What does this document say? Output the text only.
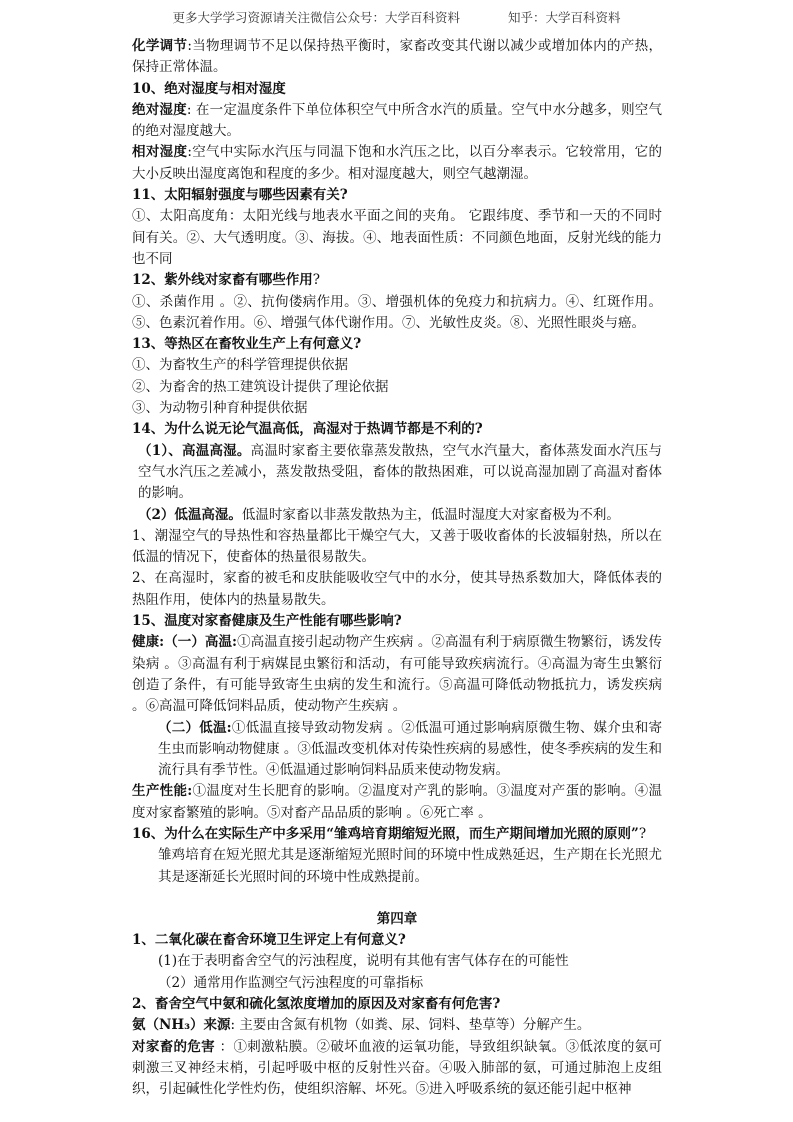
更多大学学习资源请关注微信公众号：大学百科资料	知乎：大学百科资料

化学调节:当物理调节不足以保持热平衡时，家畜改变其代谢以减少或增加体内的产热，保持正常体温。

10、绝对湿度与相对湿度

绝对湿度: 在一定温度条件下单位体积空气中所含水汽的质量。空气中水分越多，则空气的绝对湿度越大。

相对湿度:空气中实际水汽压与同温下饱和水汽压之比，以百分率表示。它较常用，它的大小反映出湿度离饱和程度的多少。相对湿度越大，则空气越潮湿。

11、太阳辐射强度与哪些因素有关?

①、太阳高度角：太阳光线与地表水平面之间的夹角。 它跟纬度、季节和一天的不同时间有关。②、大气透明度。③、海拔。④、地表面性质：不同颜色地面，反射光线的能力也不同

12、紫外线对家畜有哪些作用?

①、杀菌作用 。②、抗佝偻病作用。③、增强机体的免疫力和抗病力。④、红斑作用。⑤、色素沉着作用。⑥、增强气体代谢作用。⑦、光敏性皮炎。⑧、光照性眼炎与癌。

13、等热区在畜牧业生产上有何意义?

①、为畜牧生产的科学管理提供依据

②、为畜舍的热工建筑设计提供了理论依据

③、为动物引种育种提供依据

14、为什么说无论气温高低，高湿对于热调节都是不利的?

（1）、高温高湿。高温时家畜主要依靠蒸发散热，空气水汽量大，畜体蒸发面水汽压与空气水汽压之差减小，蒸发散热受阻，畜体的散热困难，可以说高湿加剧了高温对畜体的影响。

（2）低温高湿。低温时家畜以非蒸发散热为主，低温时湿度大对家畜极为不利。

1、潮湿空气的导热性和容热量都比干燥空气大，又善于吸收畜体的长波辐射热，所以在低温的情况下，使畜体的热量很易散失。

2、在高湿时，家畜的被毛和皮肤能吸收空气中的水分，使其导热系数加大，降低体表的热阻作用，使体内的热量易散失。

15、温度对家畜健康及生产性能有哪些影响?

健康:（一）高温:①高温直接引起动物产生疾病 。②高温有利于病原微生物繁衍，诱发传染病 。③高温有利于病媒昆虫繁衍和活动，有可能导致疾病流行。④高温为寄生虫繁衍创造了条件，有可能导致寄生虫病的发生和流行。⑤高温可降低动物抵抗力，诱发疾病 。⑥高温可降低饲料品质，使动物产生疾病 。

（二）低温:①低温直接导致动物发病 。②低温可通过影响病原微生物、媒介虫和寄生虫而影响动物健康 。③低温改变机体对传染性疾病的易感性，使冬季疾病的发生和流行具有季节性。④低温通过影响饲料品质来使动物发病。

生产性能:①温度对生长肥育的影响。②温度对产乳的影响。③温度对产蛋的影响。④温度对家畜繁殖的影响。⑤对畜产品品质的影响 。⑥死亡率 。

16、为什么在实际生产中多采用“雏鸡培育期缩短光照，而生产期间增加光照的原则”?

雏鸡培育在短光照尤其是逐渐缩短光照时间的环境中性成熟延迟，生产期在长光照尤其是逐渐延长光照时间的环境中性成熟提前。

第四章

1、二氧化碳在畜舍环境卫生评定上有何意义?

(1)在于表明畜舍空气的污浊程度，说明有其他有害气体存在的可能性

（2）通常用作监测空气污浊程度的可靠指标

2、畜舍空气中氨和硫化氢浓度增加的原因及对家畜有何危害?

氨（NH₃）来源: 主要由含氮有机物（如粪、尿、饲料、垫草等）分解产生。

对家畜的危害 ：①刺激粘膜。②破坏血液的运氧功能，导致组织缺氧。③低浓度的氨可刺激三叉神经末梢，引起呼吸中枢的反射性兴奋。④吸入肺部的氨，可通过肺泡上皮组织，引起碱性化学性灼伤，使组织溶解、坏死。⑤进入呼吸系统的氨还能引起中枢神
